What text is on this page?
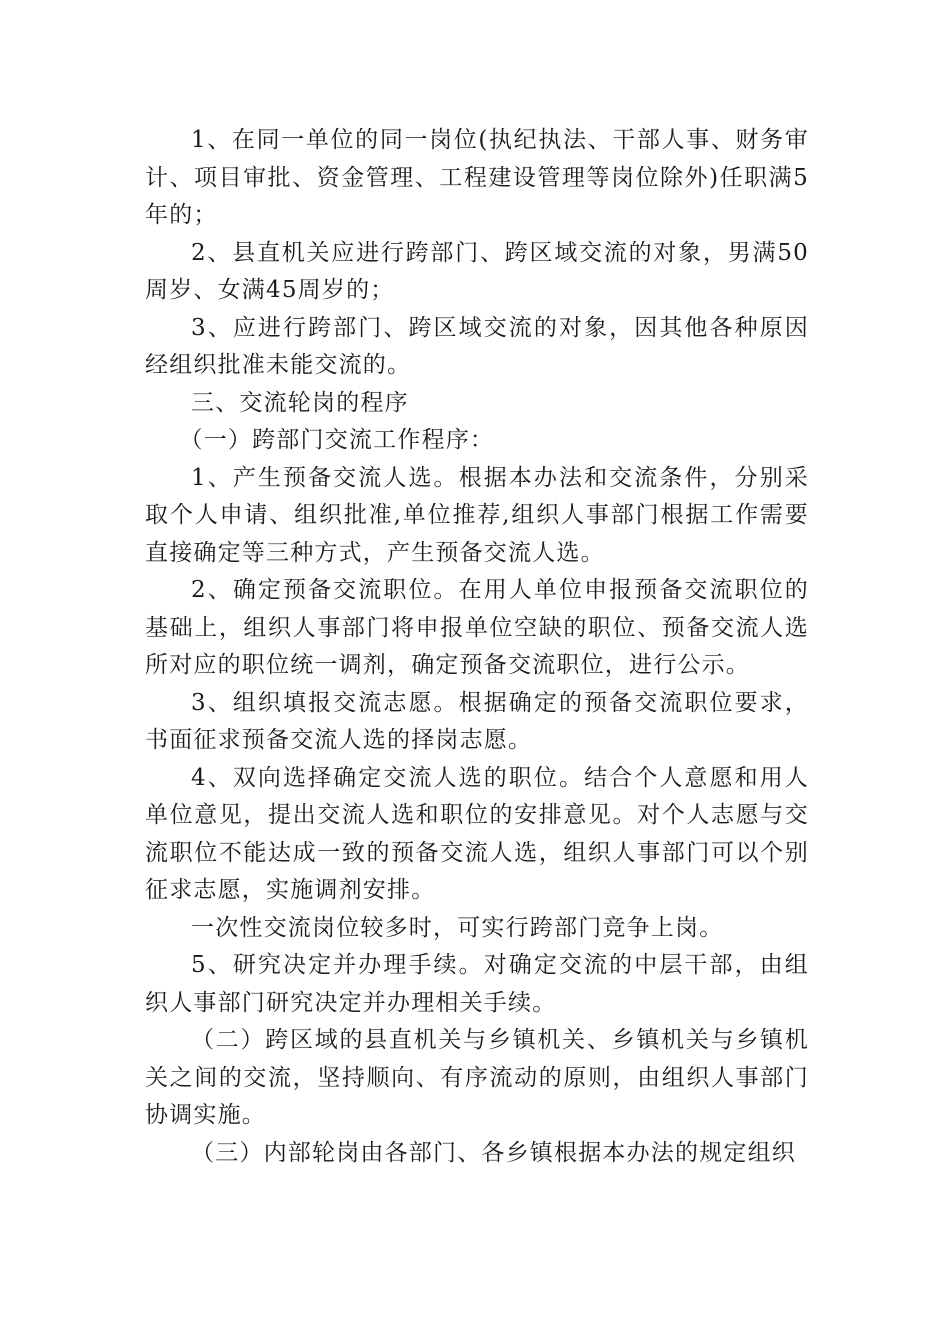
1、在同一单位的同一岗位(执纪执法、干部人事、财务审计、项目审批、资金管理、工程建设管理等岗位除外)任职满5年的；

2、县直机关应进行跨部门、跨区域交流的对象，男满50周岁、女满45周岁的；

3、应进行跨部门、跨区域交流的对象，因其他各种原因经组织批准未能交流的。

三、交流轮岗的程序

（一）跨部门交流工作程序：

1、产生预备交流人选。根据本办法和交流条件，分别采取个人申请、组织批准,单位推荐,组织人事部门根据工作需要直接确定等三种方式，产生预备交流人选。

2、确定预备交流职位。在用人单位申报预备交流职位的基础上，组织人事部门将申报单位空缺的职位、预备交流人选所对应的职位统一调剂，确定预备交流职位，进行公示。

3、组织填报交流志愿。根据确定的预备交流职位要求，书面征求预备交流人选的择岗志愿。

4、双向选择确定交流人选的职位。结合个人意愿和用人单位意见，提出交流人选和职位的安排意见。对个人志愿与交流职位不能达成一致的预备交流人选，组织人事部门可以个别征求志愿，实施调剂安排。

一次性交流岗位较多时，可实行跨部门竞争上岗。

5、研究决定并办理手续。对确定交流的中层干部，由组织人事部门研究决定并办理相关手续。

（二）跨区域的县直机关与乡镇机关、乡镇机关与乡镇机关之间的交流，坚持顺向、有序流动的原则，由组织人事部门协调实施。

（三）内部轮岗由各部门、各乡镇根据本办法的规定组织
